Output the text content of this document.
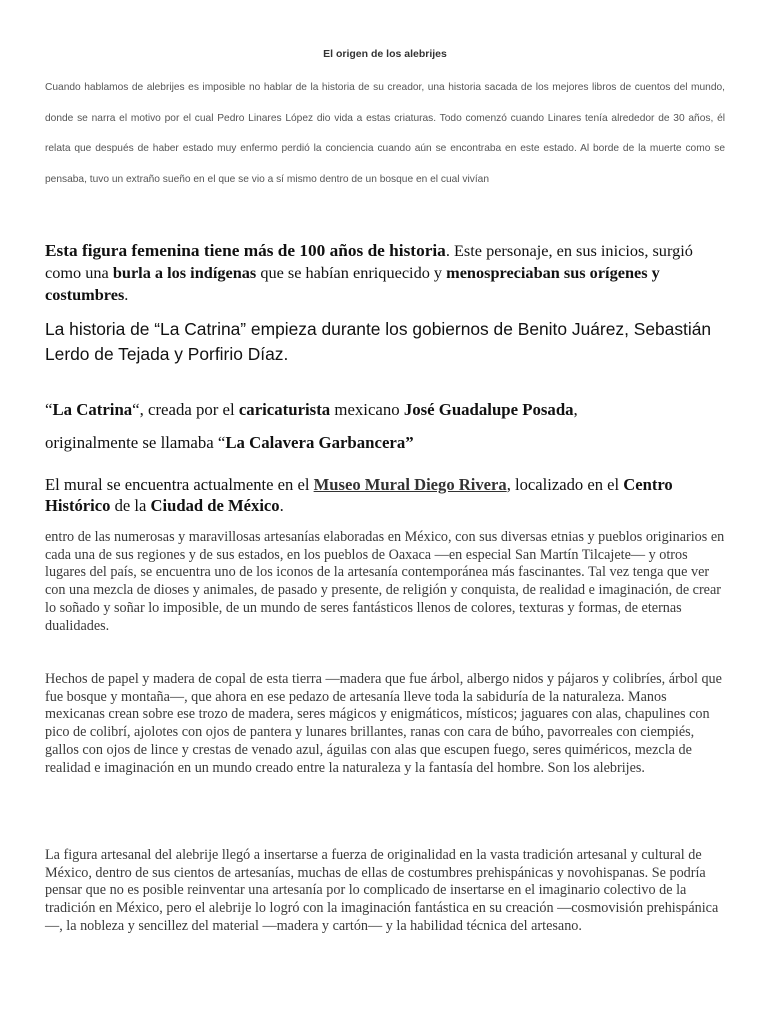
El origen de los alebrijes
Cuando hablamos de alebrijes es imposible no hablar de la historia de su creador, una historia sacada de los mejores libros de cuentos del mundo, donde se narra el motivo por el cual Pedro Linares López dio vida a estas criaturas. Todo comenzó cuando Linares tenía alrededor de 30 años, él relata que después de haber estado muy enfermo perdió la conciencia cuando aún se encontraba en este estado. Al borde de la muerte como se pensaba, tuvo un extraño sueño en el que se vio a sí mismo dentro de un bosque en el cual vivían
Esta figura femenina tiene más de 100 años de historia. Este personaje, en sus inicios, surgió como una burla a los indígenas que se habían enriquecido y menospreciaban sus orígenes y costumbres.
La historia de “La Catrina” empieza durante los gobiernos de Benito Juárez, Sebastián Lerdo de Tejada y Porfirio Díaz.
“La Catrina“, creada por el caricaturista mexicano José Guadalupe Posada,
originalmente se llamaba “La Calavera Garbancera”
El mural se encuentra actualmente en el Museo Mural Diego Rivera, localizado en el Centro Histórico de la Ciudad de México.
entro de las numerosas y maravillosas artesanías elaboradas en México, con sus diversas etnias y pueblos originarios en cada una de sus regiones y de sus estados, en los pueblos de Oaxaca —en especial San Martín Tilcajete— y otros lugares del país, se encuentra uno de los iconos de la artesanía contemporánea más fascinantes. Tal vez tenga que ver con una mezcla de dioses y animales, de pasado y presente, de religión y conquista, de realidad e imaginación, de crear lo soñado y soñar lo imposible, de un mundo de seres fantásticos llenos de colores, texturas y formas, de eternas dualidades.
Hechos de papel y madera de copal de esta tierra —madera que fue árbol, albergo nidos y pájaros y colibríes, árbol que fue bosque y montaña—, que ahora en ese pedazo de artesanía lleve toda la sabiduría de la naturaleza. Manos mexicanas crean sobre ese trozo de madera, seres mágicos y enigmáticos, místicos; jaguares con alas, chapulines con pico de colibrí, ajolotes con ojos de pantera y lunares brillantes, ranas con cara de búho, pavorreales con ciempiés, gallos con ojos de lince y crestas de venado azul, águilas con alas que escupen fuego, seres quiméricos, mezcla de realidad e imaginación en un mundo creado entre la naturaleza y la fantasía del hombre. Son los alebrijes.
La figura artesanal del alebrije llegó a insertarse a fuerza de originalidad en la vasta tradición artesanal y cultural de México, dentro de sus cientos de artesanías, muchas de ellas de costumbres prehispánicas y novohispanas. Se podría pensar que no es posible reinventar una artesanía por lo complicado de insertarse en el imaginario colectivo de la tradición en México, pero el alebrije lo logró con la imaginación fantástica en su creación —cosmovisión prehispánica—, la nobleza y sencillez del material —madera y cartón— y la habilidad técnica del artesano.
